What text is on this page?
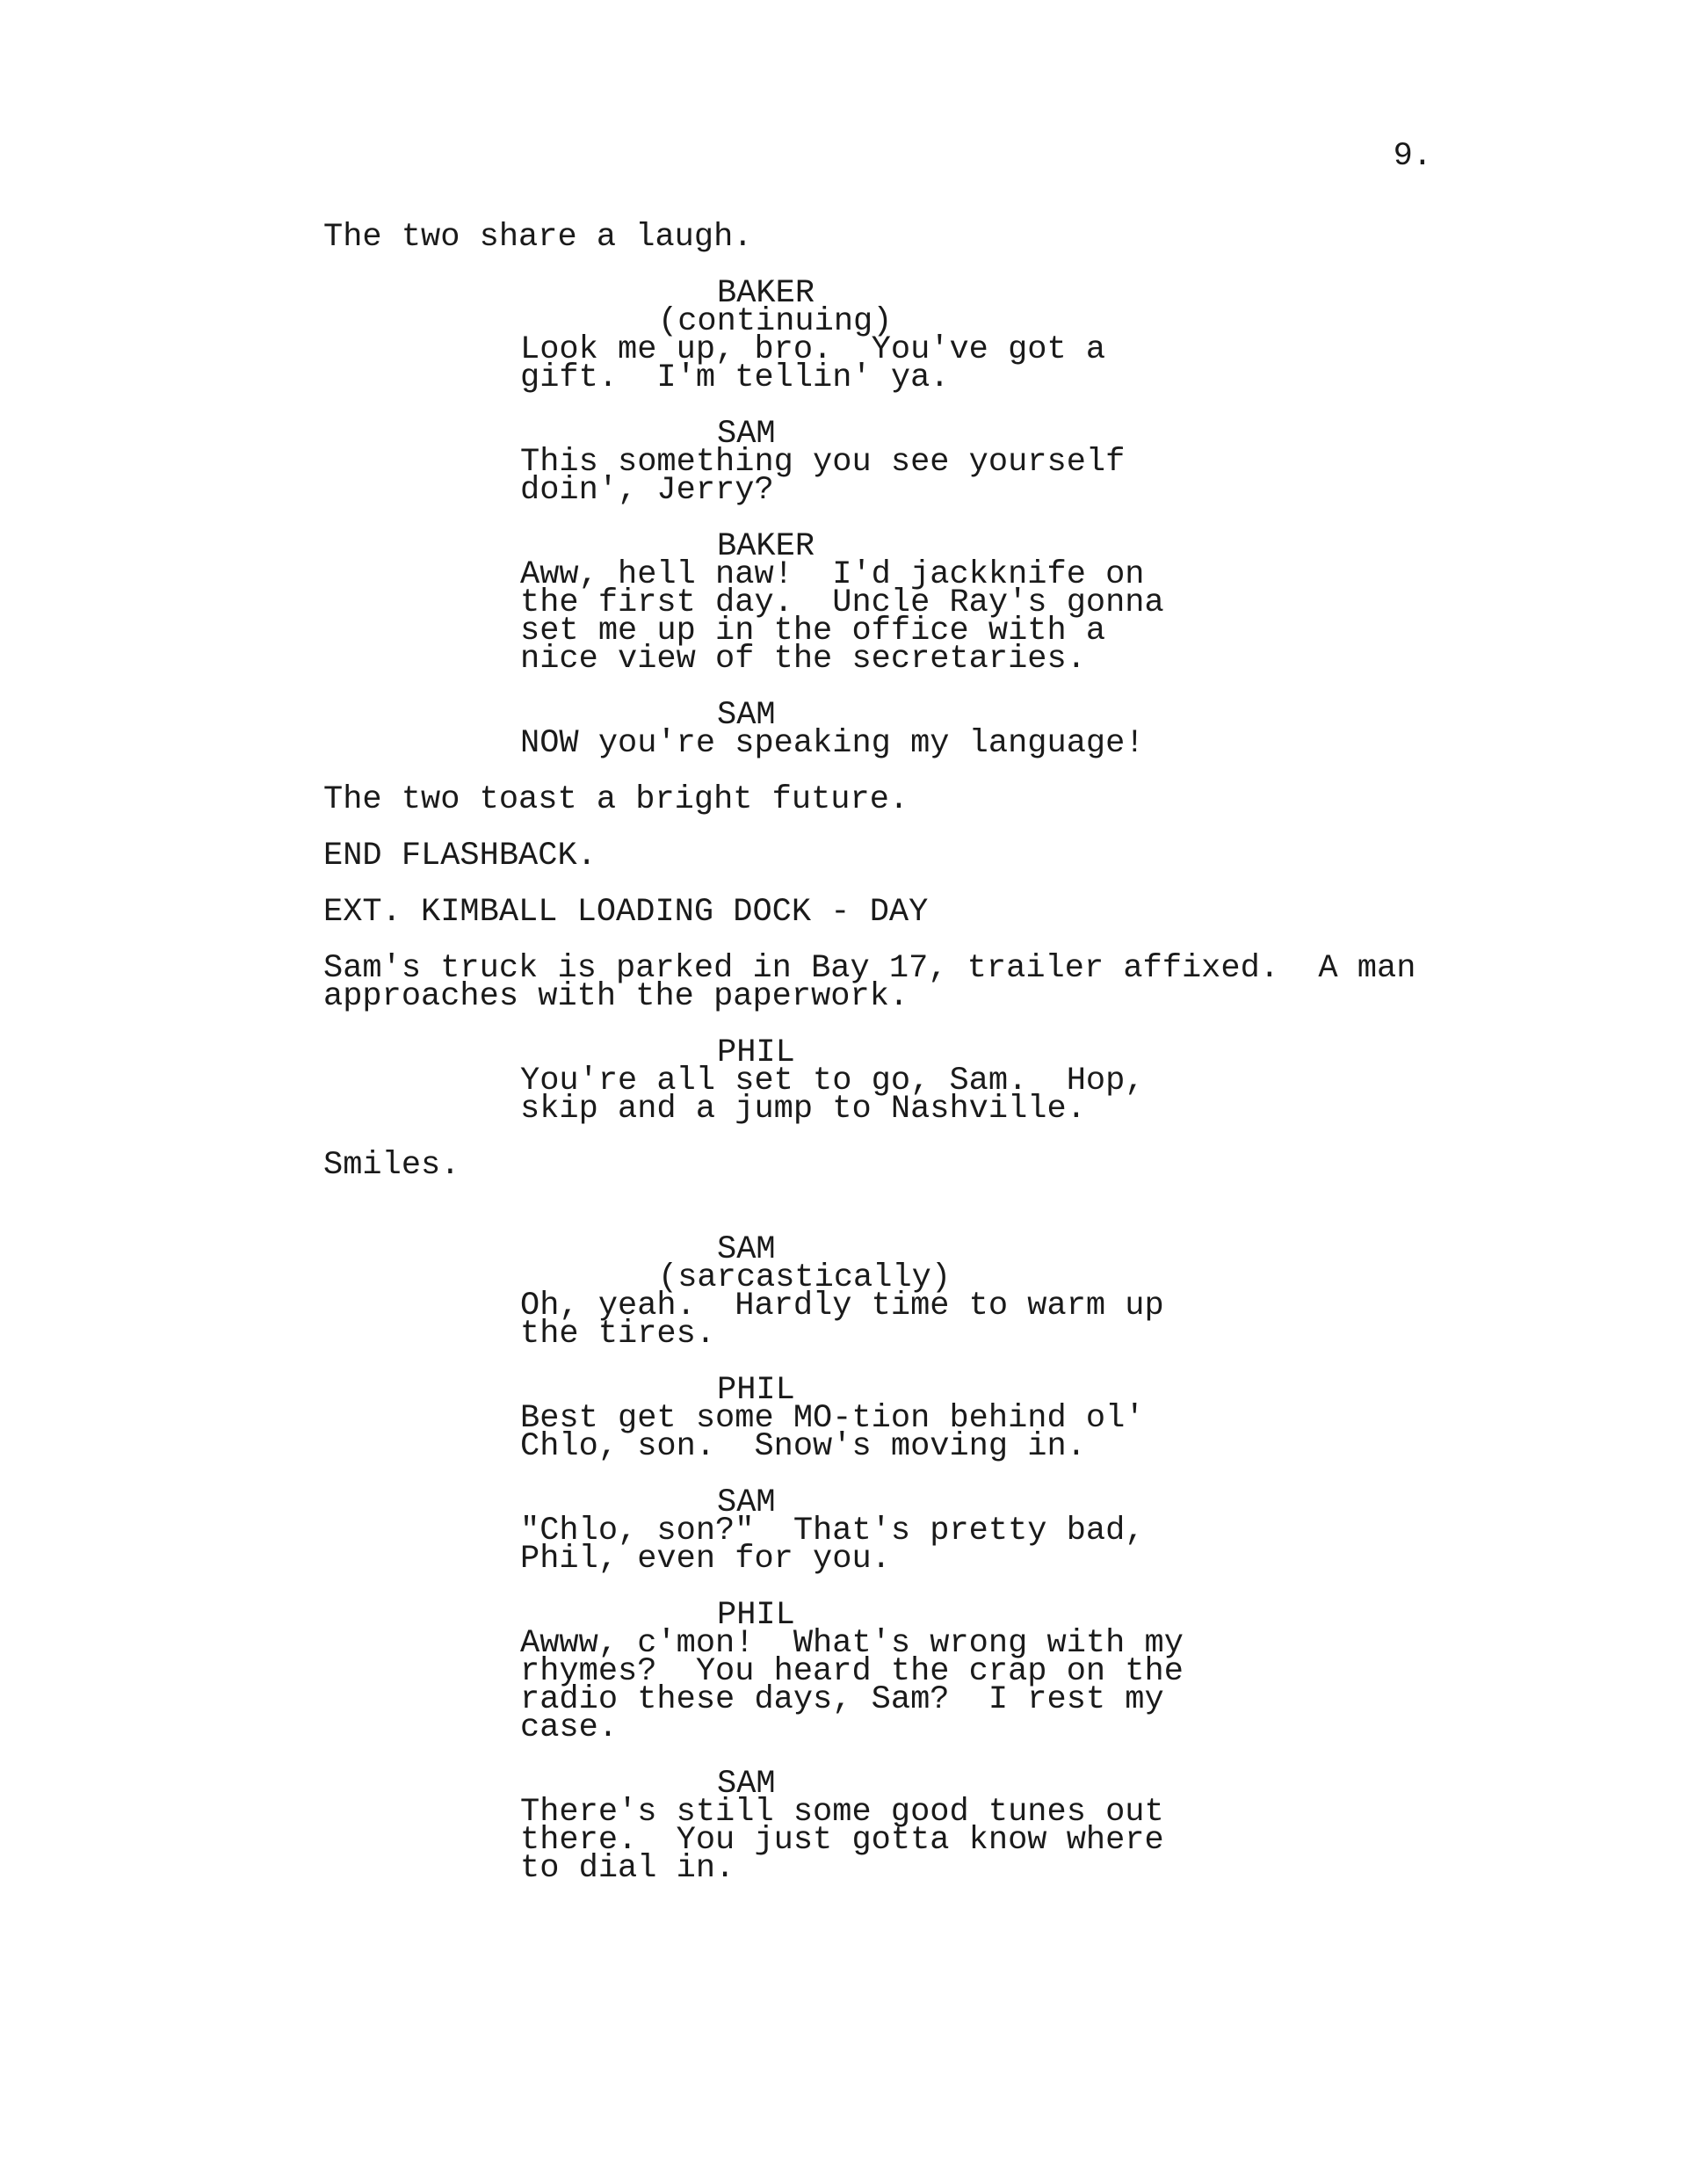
9.
The two share a laugh.
BAKER
(continuing)
Look me up, bro.  You've got a
gift.  I'm tellin' ya.
SAM
This something you see yourself
doin', Jerry?
BAKER
Aww, hell naw!  I'd jackknife on
the first day.  Uncle Ray's gonna
set me up in the office with a
nice view of the secretaries.
SAM
NOW you're speaking my language!
The two toast a bright future.
END FLASHBACK.
EXT. KIMBALL LOADING DOCK - DAY
Sam's truck is parked in Bay 17, trailer affixed.  A man
approaches with the paperwork.
PHIL
You're all set to go, Sam.  Hop,
skip and a jump to Nashville.
Smiles.
SAM
(sarcastically)
Oh, yeah.  Hardly time to warm up
the tires.
PHIL
Best get some MO-tion behind ol'
Chlo, son.  Snow's moving in.
SAM
"Chlo, son?"  That's pretty bad,
Phil, even for you.
PHIL
Awww, c'mon!  What's wrong with my
rhymes?  You heard the crap on the
radio these days, Sam?  I rest my
case.
SAM
There's still some good tunes out
there.  You just gotta know where
to dial in.
